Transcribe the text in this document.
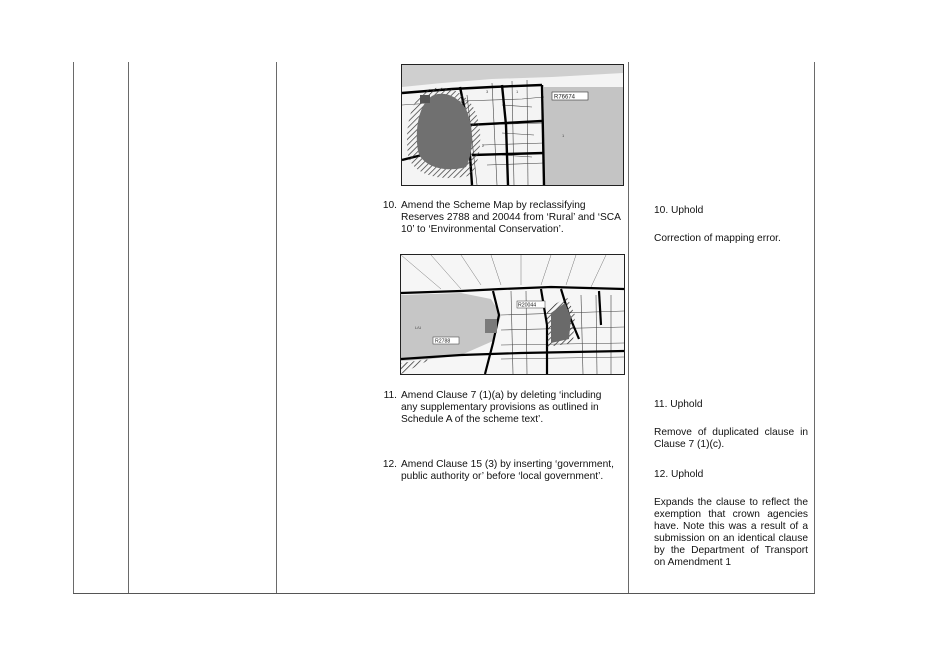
R76674
3	1
2
1
10. Amend the Scheme Map by reclassifying Reserves 2788 and 20044 from ‘Rural’ and ‘SCA 10’ to ‘Environmental Conservation’.
R20044
R2788
L/U
11. Amend Clause 7 (1)(a) by deleting ‘including any supplementary provisions as outlined in Schedule A of the scheme text’.
12. Amend Clause 15 (3) by inserting ‘government, public authority or’ before ‘local government’.
10. Uphold
Correction of mapping error.
11. Uphold
Remove of duplicated clause in Clause 7 (1)(c).
12. Uphold
Expands the clause to reflect the exemption that crown agencies have. Note this was a result of a submission on an identical clause by the Department of Transport on Amendment 1
